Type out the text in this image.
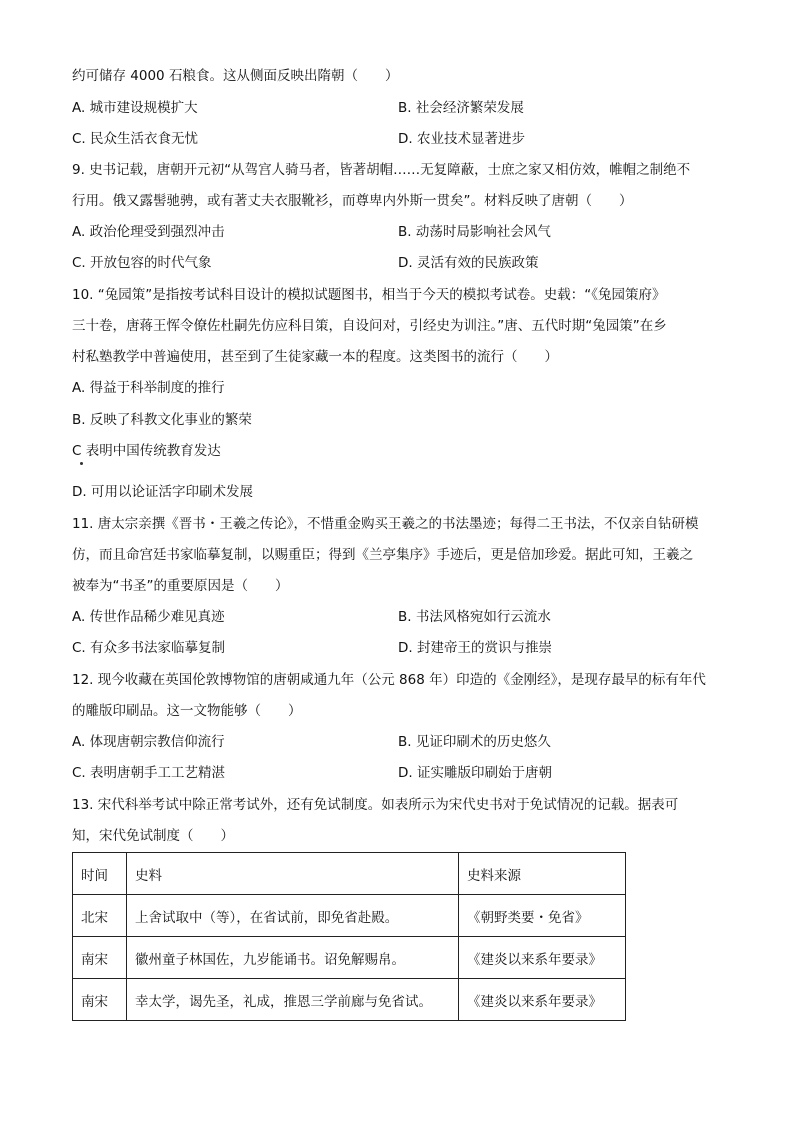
约可储存 4000 石粮食。这从侧面反映出隋朝（　　）
A. 城市建设规模扩大	B. 社会经济繁荣发展
C. 民众生活衣食无忧	D. 农业技术显著进步
9. 史书记载，唐朝开元初“从驾宫人骑马者，皆著胡帽……无复障蔽，士庶之家又相仿效，帷帽之制绝不
行用。俄又露髻驰骋，或有著丈夫衣服靴衫，而尊卑内外斯一贯矣”。材料反映了唐朝（　　）
A. 政治伦理受到强烈冲击	B. 动荡时局影响社会风气
C. 开放包容的时代气象	D. 灵活有效的民族政策
10. “兔园策”是指按考试科目设计的模拟试题图书，相当于今天的模拟考试卷。史载：“《兔园策府》
三十卷，唐蒋王恽令僚佐杜嗣先仿应科目策，自设问对，引经史为训注。”唐、五代时期“兔园策”在乡
村私塾教学中普遍使用，甚至到了生徒家藏一本的程度。这类图书的流行（　　）
A. 得益于科举制度的推行
B. 反映了科教文化事业的繁荣
C 表明中国传统教育发达
D. 可用以论证活字印刷术发展
11. 唐太宗亲撰《晋书・王羲之传论》，不惜重金购买王羲之的书法墨迹；每得二王书法，不仅亲自钻研模
仿，而且命宫廷书家临摹复制，以赐重臣；得到《兰亭集序》手迹后，更是倍加珍爱。据此可知，王羲之
被奉为“书圣”的重要原因是（　　）
A. 传世作品稀少难见真迹	B. 书法风格宛如行云流水
C. 有众多书法家临摹复制	D. 封建帝王的赏识与推崇
12. 现今收藏在英国伦敦博物馆的唐朝咸通九年（公元 868 年）印造的《金刚经》，是现存最早的标有年代
的雕版印刷品。这一文物能够（　　）
A. 体现唐朝宗教信仰流行	B. 见证印刷术的历史悠久
C. 表明唐朝手工工艺精湛	D. 证实雕版印刷始于唐朝
13. 宋代科举考试中除正常考试外，还有免试制度。如表所示为宋代史书对于免试情况的记载。据表可
知，宋代免试制度（　　）
时间	史料	史料来源
北宋	上舍试取中（等），在省试前，即免省赴殿。	《朝野类要・免省》
南宋	徽州童子林国佐，九岁能诵书。诏免解赐帛。	《建炎以来系年要录》
南宋	幸太学，谒先圣，礼成，推恩三学前廊与免省试。	《建炎以来系年要录》
